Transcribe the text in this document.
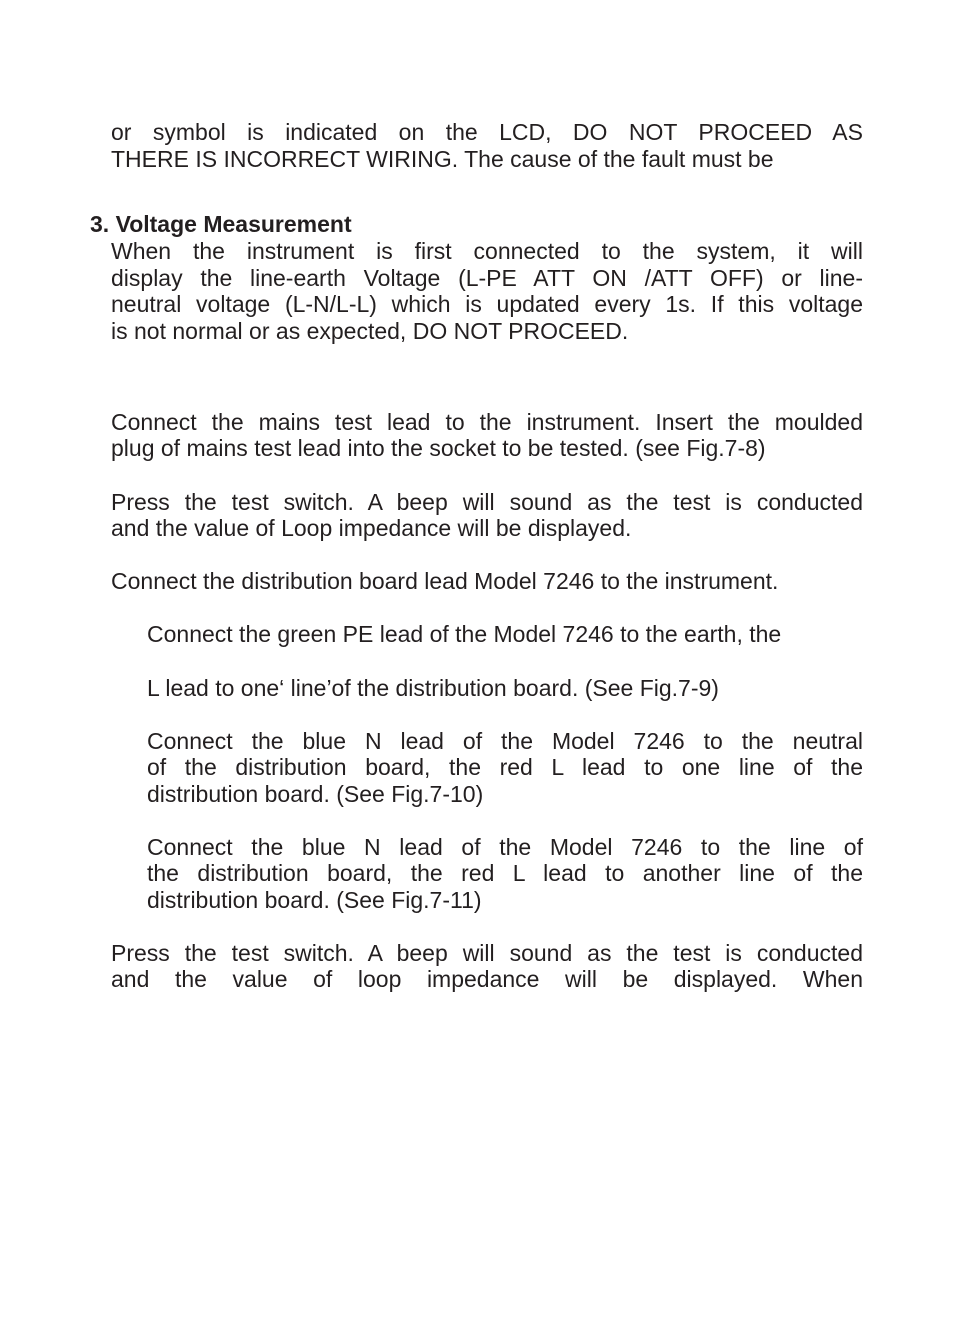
or symbol is indicated on the LCD, DO NOT PROCEED AS
THERE IS INCORRECT WIRING. The cause of the fault must be
3. Voltage Measurement
When the instrument is first connected to the system, it will
display the line-earth Voltage (L-PE ATT ON /ATT OFF) or line-
neutral voltage (L-N/L-L) which is updated every 1s. If this voltage
is not normal or as expected, DO NOT PROCEED.
Connect the mains test lead to the instrument. Insert the moulded
plug of mains test lead into the socket to be tested. (see Fig.7-8)
Press the test switch. A beep will sound as the test is conducted
and the value of Loop impedance will be displayed.
Connect the distribution board lead Model 7246 to the instrument.
Connect the green PE lead of the Model 7246 to the earth, the
L lead to one‘ line’of the distribution board. (See Fig.7-9)
Connect the blue N lead of the Model 7246 to the neutral
of the distribution board, the red L lead to one line of the
distribution board. (See Fig.7-10)
Connect the blue N lead of the Model 7246 to the line of
the distribution board, the red L lead to another line of the
distribution board. (See Fig.7-11)
Press the test switch. A beep will sound as the test is conducted
and the value of loop impedance will be displayed. When
